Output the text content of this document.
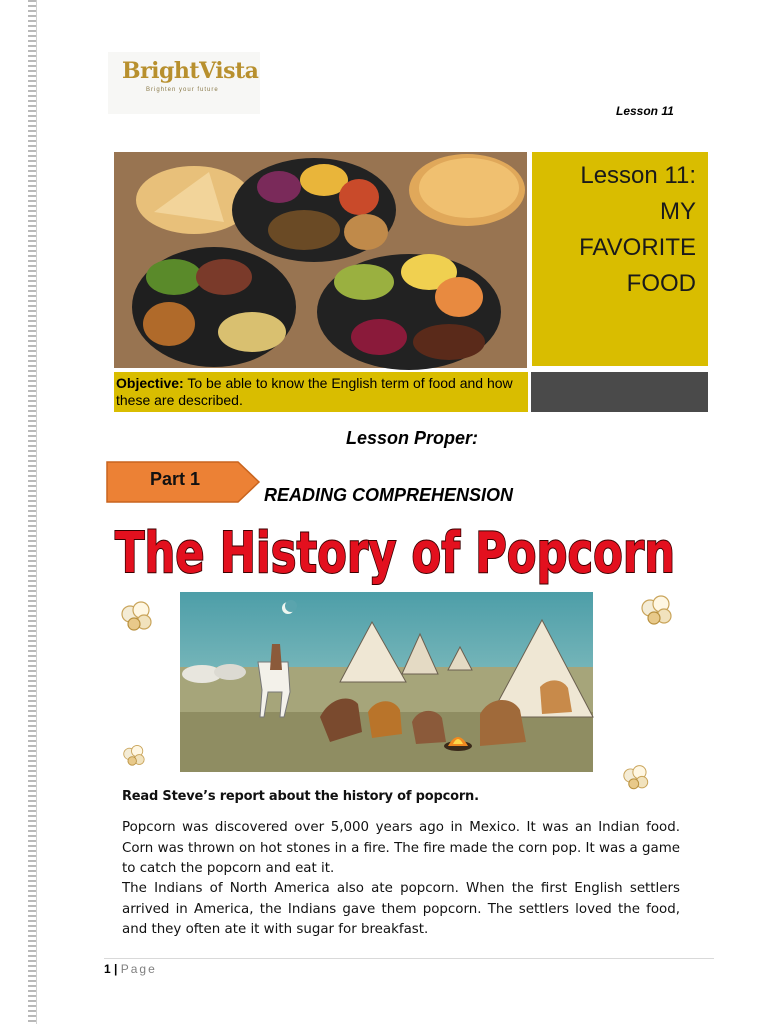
BrightVista
Brighten your future
Lesson 11
Lesson 11:
MY
FAVORITE
FOOD
Objective: To be able to know the English term of food and how these are described.
Lesson Proper:
Part 1
READING COMPREHENSION
The History of Popcorn
Read Steve’s report about the history of popcorn.

Popcorn was discovered over 5,000 years ago in Mexico. It was an Indian food. Corn was thrown on hot stones in a fire. The fire made the corn pop. It was a game to catch the popcorn and eat it.

The Indians of North America also ate popcorn. When the first English settlers arrived in America, the Indians gave them popcorn. The settlers loved the food, and they often ate it with sugar for breakfast.

1 | Page
